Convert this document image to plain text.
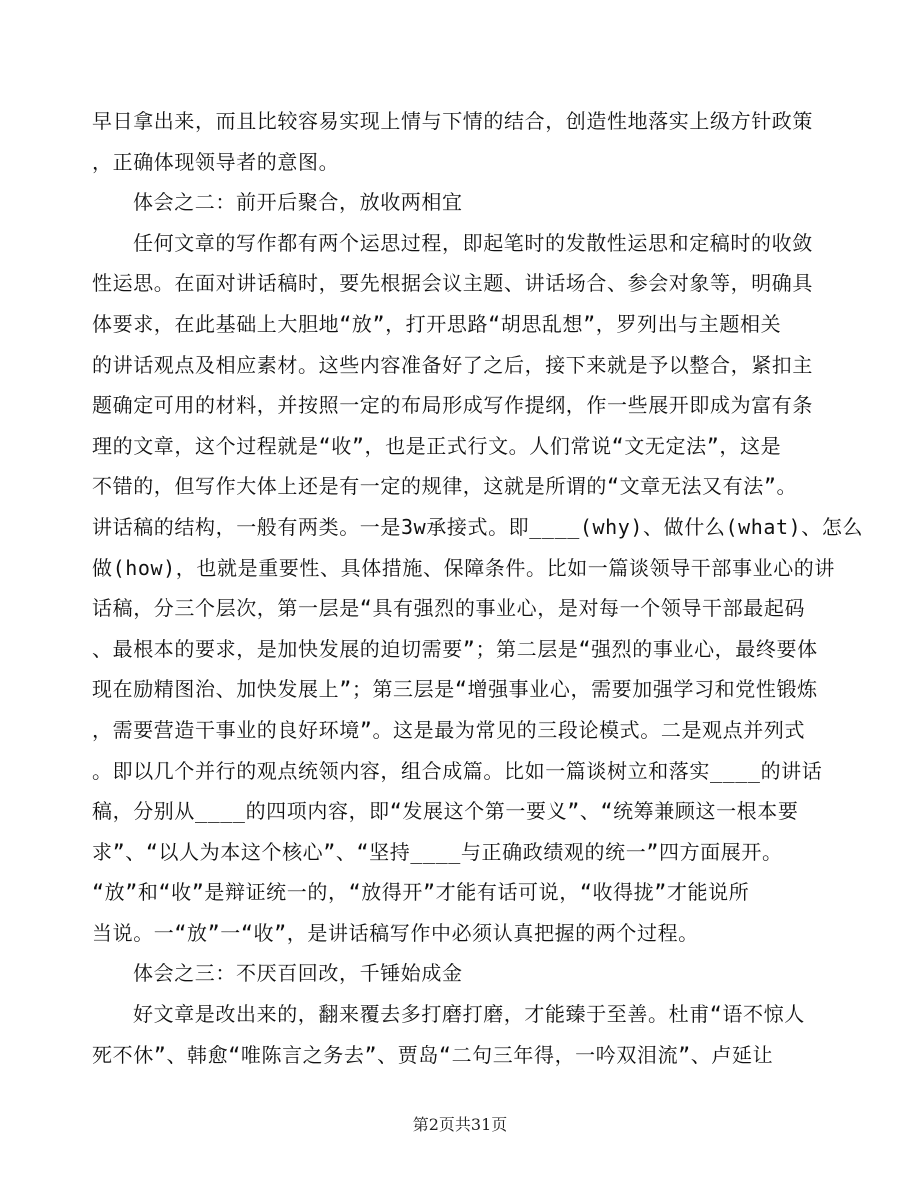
早日拿出来，而且比较容易实现上情与下情的结合，创造性地落实上级方针政策
，正确体现领导者的意图。
体会之二：前开后聚合，放收两相宜
任何文章的写作都有两个运思过程，即起笔时的发散性运思和定稿时的收敛
性运思。在面对讲话稿时，要先根据会议主题、讲话场合、参会对象等，明确具
体要求，在此基础上大胆地“放”，打开思路“胡思乱想”，罗列出与主题相关
的讲话观点及相应素材。这些内容准备好了之后，接下来就是予以整合，紧扣主
题确定可用的材料，并按照一定的布局形成写作提纲，作一些展开即成为富有条
理的文章，这个过程就是“收”，也是正式行文。人们常说“文无定法”，这是
不错的，但写作大体上还是有一定的规律，这就是所谓的“文章无法又有法”。
讲话稿的结构，一般有两类。一是3w承接式。即____(why)、做什么(what)、怎么
做(how)，也就是重要性、具体措施、保障条件。比如一篇谈领导干部事业心的讲
话稿，分三个层次，第一层是“具有强烈的事业心，是对每一个领导干部最起码
、最根本的要求，是加快发展的迫切需要”；第二层是“强烈的事业心，最终要体
现在励精图治、加快发展上”；第三层是“增强事业心，需要加强学习和党性锻炼
，需要营造干事业的良好环境”。这是最为常见的三段论模式。二是观点并列式
。即以几个并行的观点统领内容，组合成篇。比如一篇谈树立和落实____的讲话
稿，分别从____的四项内容，即“发展这个第一要义”、“统筹兼顾这一根本要
求”、“以人为本这个核心”、“坚持____与正确政绩观的统一”四方面展开。
“放”和“收”是辩证统一的，“放得开”才能有话可说，“收得拢”才能说所
当说。一“放”一“收”，是讲话稿写作中必须认真把握的两个过程。
体会之三：不厌百回改，千锤始成金
好文章是改出来的，翻来覆去多打磨打磨，才能臻于至善。杜甫“语不惊人
死不休”、韩愈“唯陈言之务去”、贾岛“二句三年得，一吟双泪流”、卢延让
第2页共31页
